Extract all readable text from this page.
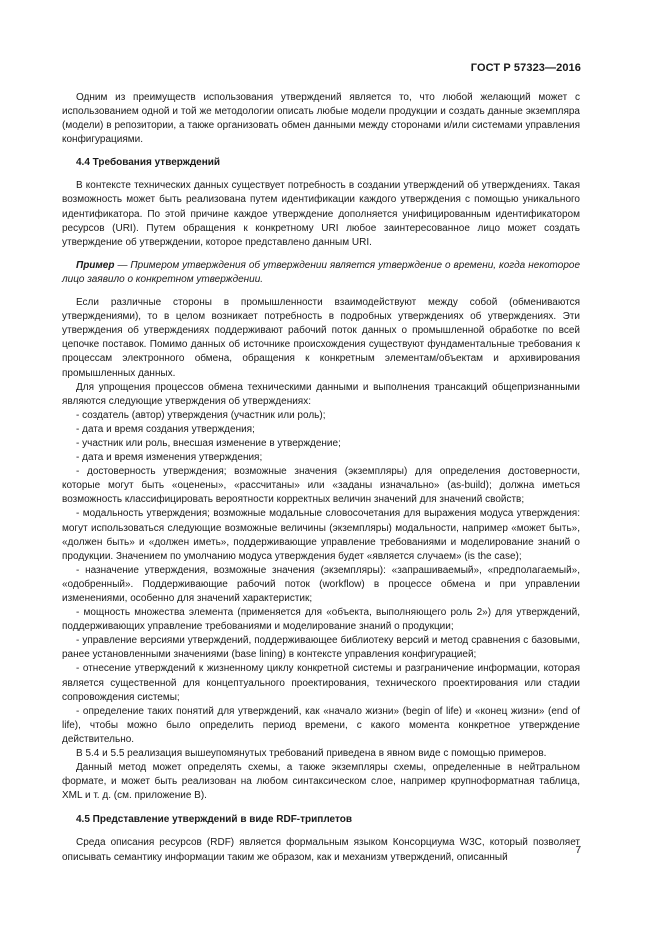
ГОСТ Р 57323—2016

Одним из преимуществ использования утверждений является то, что любой желающий может с использованием одной и той же методологии описать любые модели продукции и создать данные экземпляра (модели) в репозитории, а также организовать обмен данными между сторонами и/или системами управления конфигурациями.

4.4 Требования утверждений

В контексте технических данных существует потребность в создании утверждений об утверждениях. Такая возможность может быть реализована путем идентификации каждого утверждения с помощью уникального идентификатора. По этой причине каждое утверждение дополняется унифицированным идентификатором ресурсов (URI). Путем обращения к конкретному URI любое заинтересованное лицо может создать утверждение об утверждении, которое представлено данным URI.

Пример — Примером утверждения об утверждении является утверждение о времени, когда некоторое лицо заявило о конкретном утверждении.

Если различные стороны в промышленности взаимодействуют между собой (обмениваются утверждениями), то в целом возникает потребность в подробных утверждениях об утверждениях. Эти утверждения об утверждениях поддерживают рабочий поток данных о промышленной обработке по всей цепочке поставок. Помимо данных об источнике происхождения существуют фундаментальные требования к процессам электронного обмена, обращения к конкретным элементам/объектам и архивирования промышленных данных.

Для упрощения процессов обмена техническими данными и выполнения трансакций общепризнанными являются следующие утверждения об утверждениях:

- создатель (автор) утверждения (участник или роль);

- дата и время создания утверждения;

- участник или роль, внесшая изменение в утверждение;

- дата и время изменения утверждения;

- достоверность утверждения; возможные значения (экземпляры) для определения достоверности, которые могут быть «оценены», «рассчитаны» или «заданы изначально» (as-build); должна иметься возможность классифицировать вероятности корректных величин значений для значений свойств;

- модальность утверждения; возможные модальные словосочетания для выражения модуса утверждения: могут использоваться следующие возможные величины (экземпляры) модальности, например «может быть», «должен быть» и «должен иметь», поддерживающие управление требованиями и моделирование знаний о продукции. Значением по умолчанию модуса утверждения будет «является случаем» (is the case);

- назначение утверждения, возможные значения (экземпляры): «запрашиваемый», «предполагаемый», «одобренный». Поддерживающие рабочий поток (workflow) в процессе обмена и при управлении изменениями, особенно для значений характеристик;

- мощность множества элемента (применяется для «объекта, выполняющего роль 2») для утверждений, поддерживающих управление требованиями и моделирование знаний о продукции;

- управление версиями утверждений, поддерживающее библиотеку версий и метод сравнения с базовыми, ранее установленными значениями (base lining) в контексте управления конфигурацией;

- отнесение утверждений к жизненному циклу конкретной системы и разграничение информации, которая является существенной для концептуального проектирования, технического проектирования или стадии сопровождения системы;

- определение таких понятий для утверждений, как «начало жизни» (begin of life) и «конец жизни» (end of life), чтобы можно было определить период времени, с какого момента конкретное утверждение действительно.

В 5.4 и 5.5 реализация вышеупомянутых требований приведена в явном виде с помощью примеров.

Данный метод может определять схемы, а также экземпляры схемы, определенные в нейтральном формате, и может быть реализован на любом синтаксическом слое, например крупноформатная таблица, XML и т. д. (см. приложение В).

4.5 Представление утверждений в виде RDF-триплетов

Среда описания ресурсов (RDF) является формальным языком Консорциума W3C, который позволяет описывать семантику информации таким же образом, как и механизм утверждений, описанный

7
